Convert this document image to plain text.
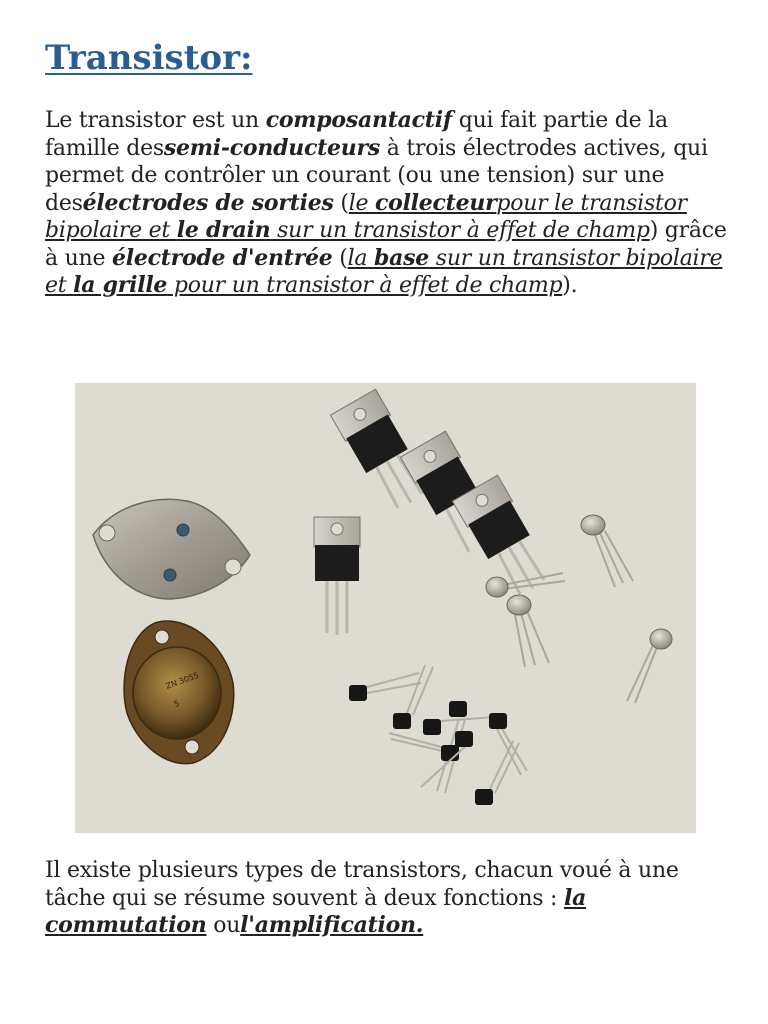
Transistor:

Le transistor est un composantactif qui fait partie de la famille dessemi-conducteurs à trois électrodes actives, qui permet de contrôler un courant (ou une tension) sur une desélectrodes de sorties (le collecteurpour le transistor bipolaire et le drain sur un transistor à effet de champ) grâce à une électrode d'entrée (la base sur un transistor bipolaire et la grille pour un transistor à effet de champ).

ZN 3055
5

Il existe plusieurs types de transistors, chacun voué à une tâche qui se résume souvent à deux fonctions : la commutation oul'amplification.
